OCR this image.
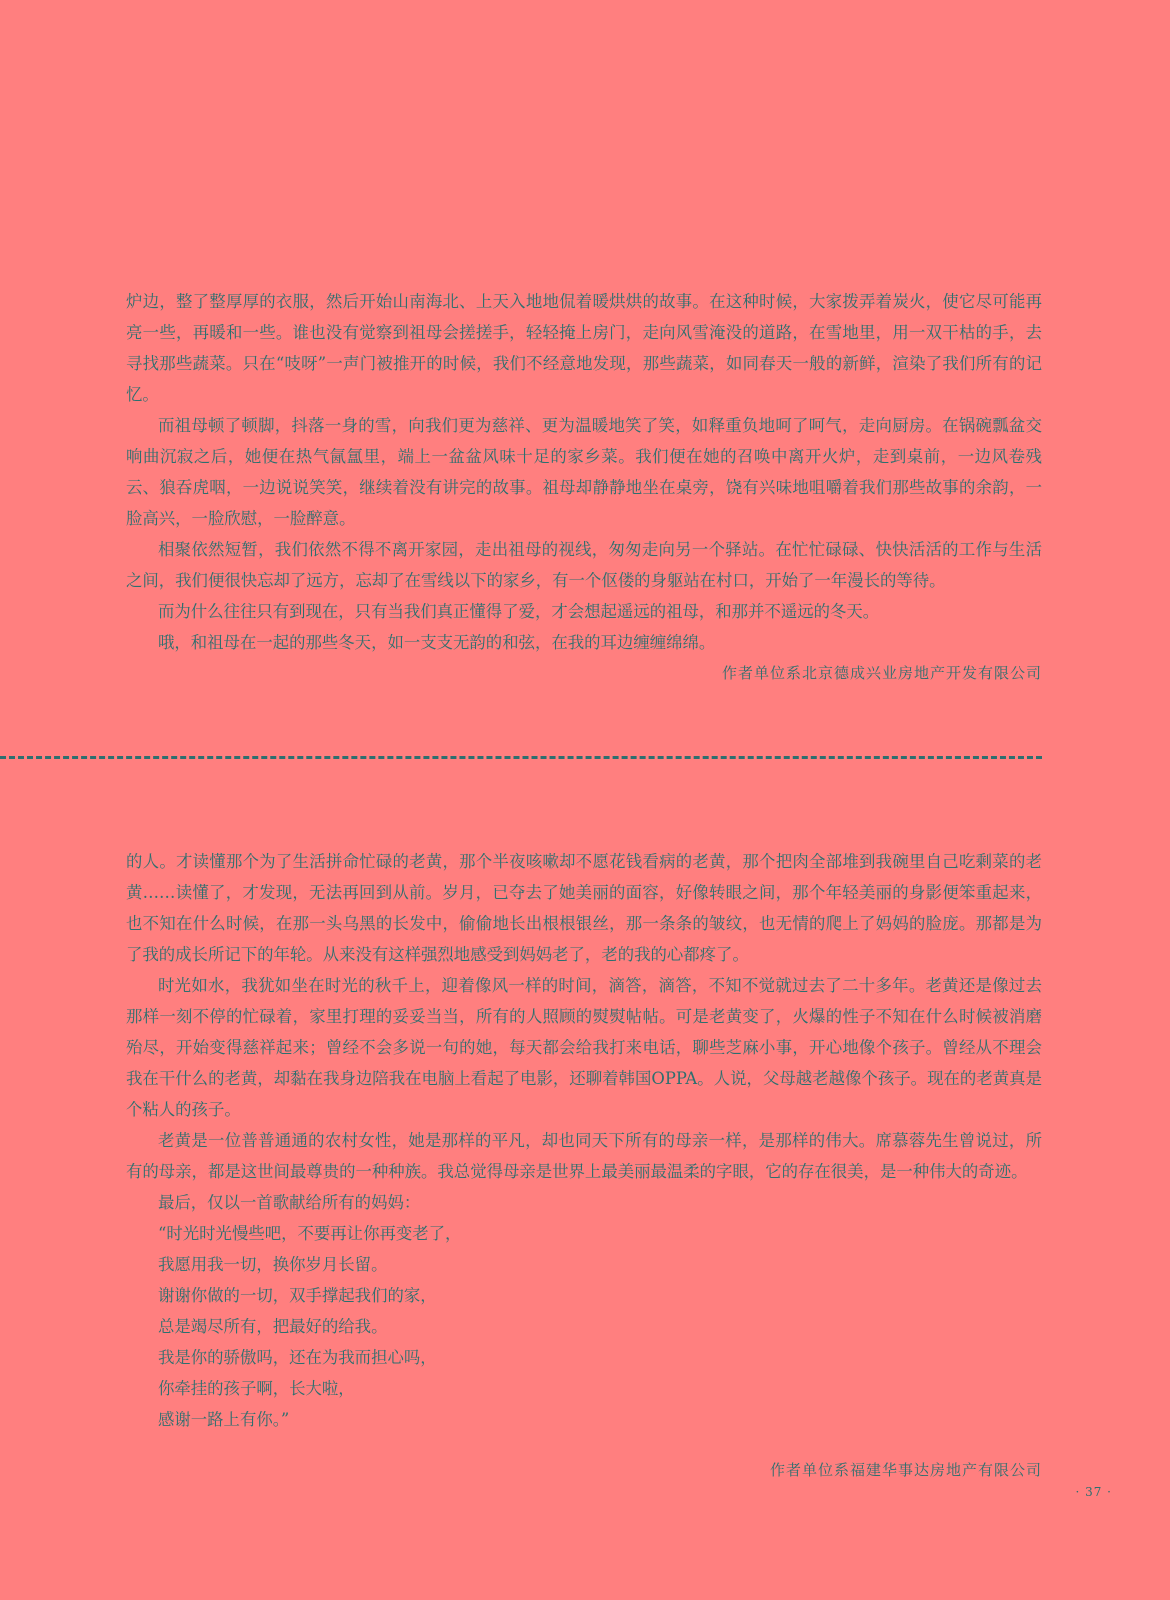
炉边，整了整厚厚的衣服，然后开始山南海北、上天入地地侃着暖烘烘的故事。在这种时候，大家拨弄着炭火，使它尽可能再亮一些，再暖和一些。谁也没有觉察到祖母会搓搓手，轻轻掩上房门，走向风雪淹没的道路，在雪地里，用一双干枯的手，去寻找那些蔬菜。只在“吱呀”一声门被推开的时候，我们不经意地发现，那些蔬菜，如同春天一般的新鲜，渲染了我们所有的记忆。

而祖母顿了顿脚，抖落一身的雪，向我们更为慈祥、更为温暖地笑了笑，如释重负地呵了呵气，走向厨房。在锅碗瓢盆交响曲沉寂之后，她便在热气氤氲里，端上一盆盆风味十足的家乡菜。我们便在她的召唤中离开火炉，走到桌前，一边风卷残云、狼吞虎咽，一边说说笑笑，继续着没有讲完的故事。祖母却静静地坐在桌旁，饶有兴味地咀嚼着我们那些故事的余韵，一脸高兴，一脸欣慰，一脸醉意。

相聚依然短暂，我们依然不得不离开家园，走出祖母的视线，匆匆走向另一个驿站。在忙忙碌碌、快快活活的工作与生活之间，我们便很快忘却了远方，忘却了在雪线以下的家乡，有一个伛偻的身躯站在村口，开始了一年漫长的等待。

而为什么往往只有到现在，只有当我们真正懂得了爱，才会想起遥远的祖母，和那并不遥远的冬天。

哦，和祖母在一起的那些冬天，如一支支无韵的和弦，在我的耳边缠缠绵绵。

作者单位系北京德成兴业房地产开发有限公司

的人。才读懂那个为了生活拼命忙碌的老黄，那个半夜咳嗽却不愿花钱看病的老黄，那个把肉全部堆到我碗里自己吃剩菜的老黄……读懂了，才发现，无法再回到从前。岁月，已夺去了她美丽的面容，好像转眼之间，那个年轻美丽的身影便笨重起来，也不知在什么时候，在那一头乌黑的长发中，偷偷地长出根根银丝，那一条条的皱纹，也无情的爬上了妈妈的脸庞。那都是为了我的成长所记下的年轮。从来没有这样强烈地感受到妈妈老了，老的我的心都疼了。

时光如水，我犹如坐在时光的秋千上，迎着像风一样的时间，滴答，滴答，不知不觉就过去了二十多年。老黄还是像过去那样一刻不停的忙碌着，家里打理的妥妥当当，所有的人照顾的熨熨帖帖。可是老黄变了，火爆的性子不知在什么时候被消磨殆尽，开始变得慈祥起来；曾经不会多说一句的她，每天都会给我打来电话，聊些芝麻小事，开心地像个孩子。曾经从不理会我在干什么的老黄，却黏在我身边陪我在电脑上看起了电影，还聊着韩国OPPA。人说，父母越老越像个孩子。现在的老黄真是个粘人的孩子。

老黄是一位普普通通的农村女性，她是那样的平凡，却也同天下所有的母亲一样，是那样的伟大。席慕蓉先生曾说过，所有的母亲，都是这世间最尊贵的一种种族。我总觉得母亲是世界上最美丽最温柔的字眼，它的存在很美，是一种伟大的奇迹。

最后，仅以一首歌献给所有的妈妈：

“时光时光慢些吧，不要再让你再变老了，

我愿用我一切，换你岁月长留。

谢谢你做的一切，双手撑起我们的家，

总是竭尽所有，把最好的给我。

我是你的骄傲吗，还在为我而担心吗，

你牵挂的孩子啊，长大啦，

感谢一路上有你。”

作者单位系福建华事达房地产有限公司

· 37 ·
